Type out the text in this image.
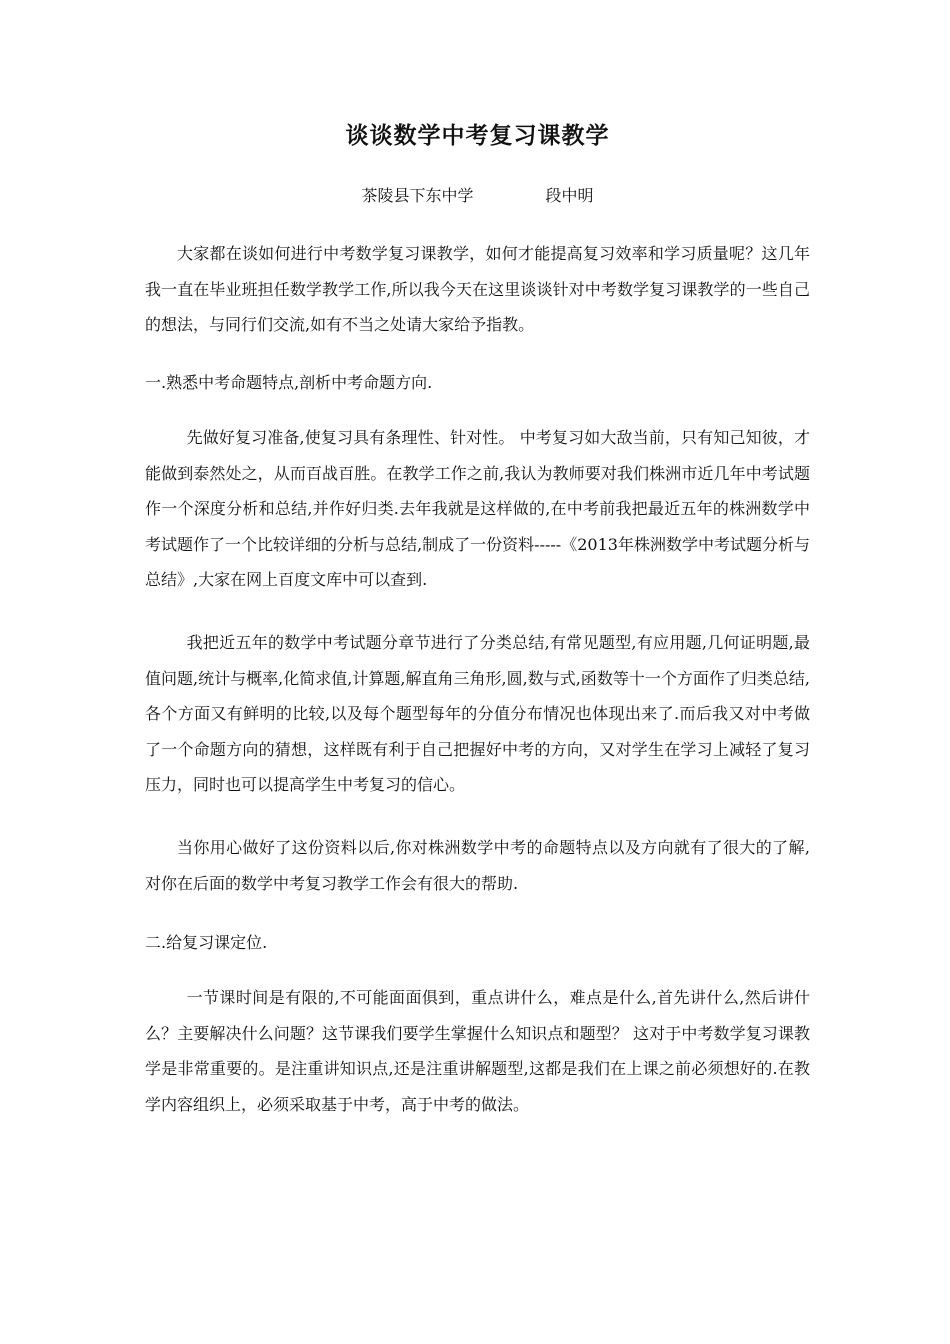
谈谈数学中考复习课教学
茶陵县下东中学	段中明

大家都在谈如何进行中考数学复习课教学，如何才能提高复习效率和学习质量呢？这几年我一直在毕业班担任数学教学工作,所以我今天在这里谈谈针对中考数学复习课教学的一些自己的想法，与同行们交流,如有不当之处请大家给予指教。

一.熟悉中考命题特点,剖析中考命题方向.

先做好复习准备,使复习具有条理性、针对性。 中考复习如大敌当前，只有知己知彼，才能做到泰然处之，从而百战百胜。在教学工作之前,我认为教师要对我们株洲市近几年中考试题作一个深度分析和总结,并作好归类.去年我就是这样做的,在中考前我把最近五年的株洲数学中考试题作了一个比较详细的分析与总结,制成了一份资料-----《2013年株洲数学中考试题分析与总结》,大家在网上百度文库中可以查到.

我把近五年的数学中考试题分章节进行了分类总结,有常见题型,有应用题,几何证明题,最值问题,统计与概率,化简求值,计算题,解直角三角形,圆,数与式,函数等十一个方面作了归类总结,各个方面又有鲜明的比较,以及每个题型每年的分值分布情况也体现出来了.而后我又对中考做了一个命题方向的猜想，这样既有利于自己把握好中考的方向，又对学生在学习上减轻了复习压力，同时也可以提高学生中考复习的信心。

当你用心做好了这份资料以后,你对株洲数学中考的命题特点以及方向就有了很大的了解,对你在后面的数学中考复习教学工作会有很大的帮助.

二.给复习课定位.

一节课时间是有限的,不可能面面俱到，重点讲什么，难点是什么,首先讲什么,然后讲什么？主要解决什么问题？这节课我们要学生掌握什么知识点和题型？ 这对于中考数学复习课教学是非常重要的。是注重讲知识点,还是注重讲解题型,这都是我们在上课之前必须想好的.在教学内容组织上，必须采取基于中考，高于中考的做法。
